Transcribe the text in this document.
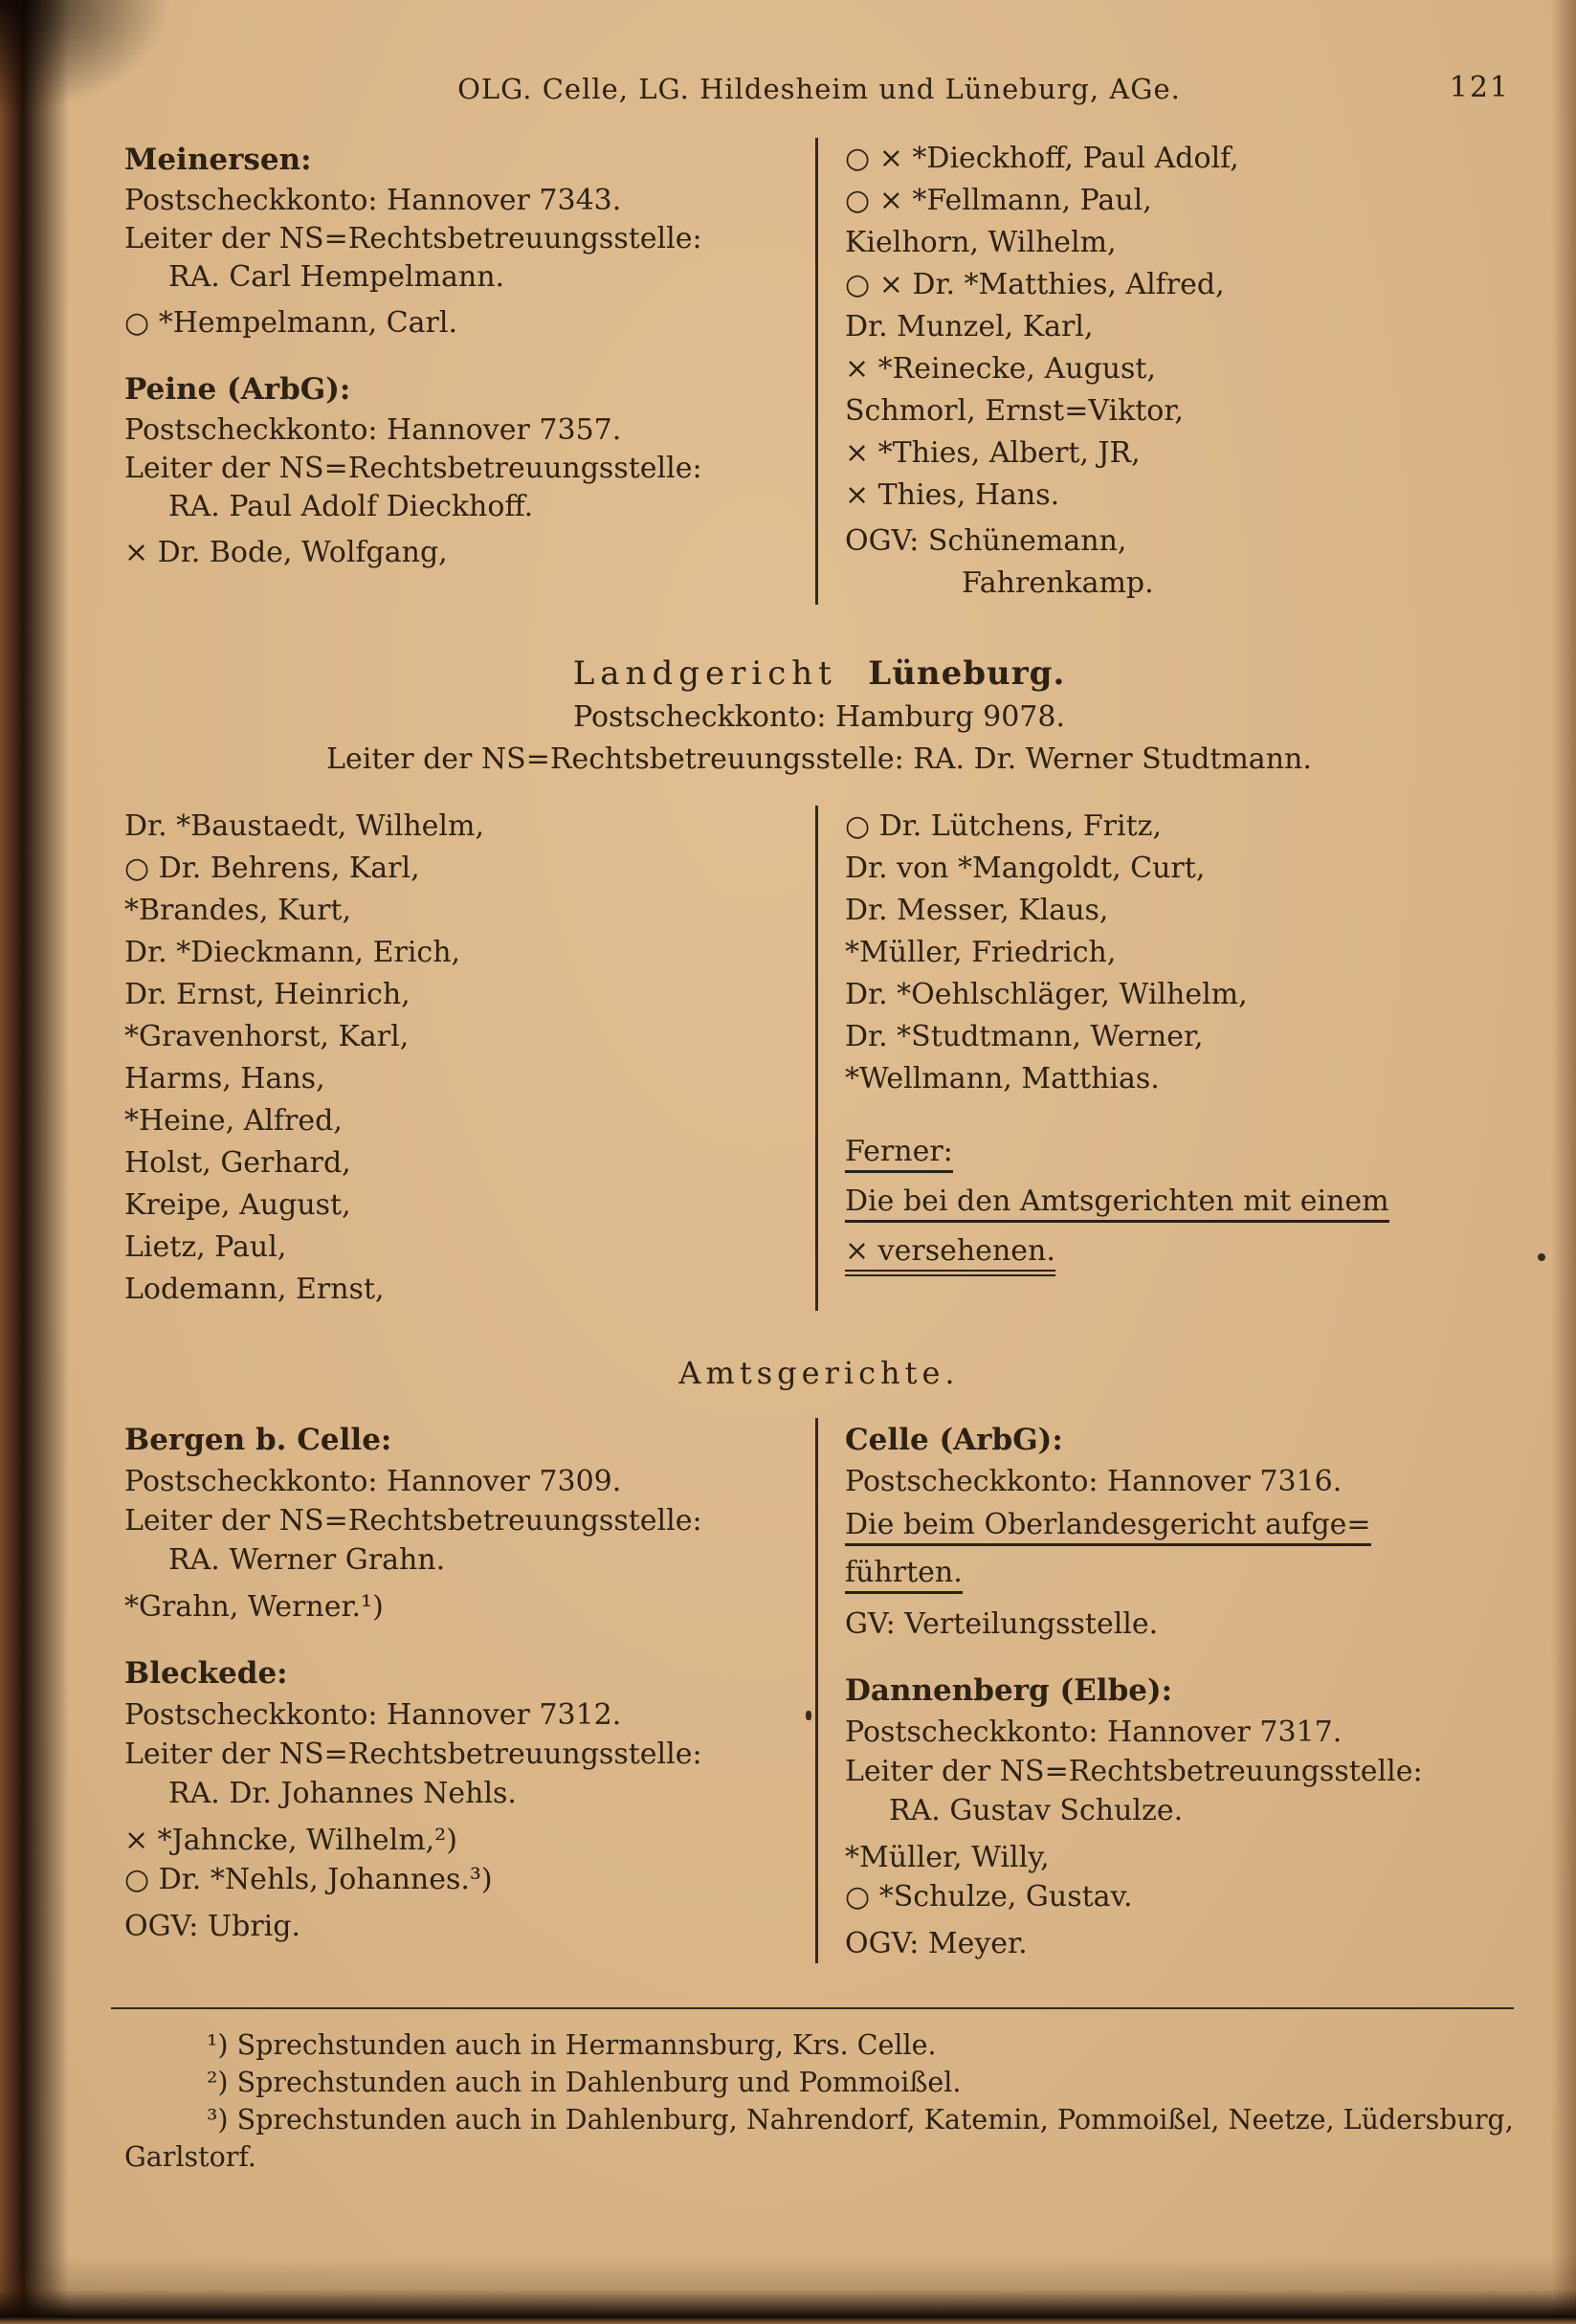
OLG. Celle, LG. Hildesheim und Lüneburg, AGe.	121
Meinersen:
Postscheckkonto: Hannover 7343.
Leiter der NS=Rechtsbetreuungsstelle:
RA. Carl Hempelmann.
○ *Hempelmann, Carl.
Peine (ArbG):
Postscheckkonto: Hannover 7357.
Leiter der NS=Rechtsbetreuungsstelle:
RA. Paul Adolf Dieckhoff.
× Dr. Bode, Wolfgang,
○ × *Dieckhoff, Paul Adolf,
○ × *Fellmann, Paul,
Kielhorn, Wilhelm,
○ × Dr. *Matthies, Alfred,
Dr. Munzel, Karl,
× *Reinecke, August,
Schmorl, Ernst=Viktor,
× *Thies, Albert, JR,
× Thies, Hans.
OGV: Schünemann,
Fahrenkamp.
Landgericht Lüneburg.
Postscheckkonto: Hamburg 9078.
Leiter der NS=Rechtsbetreuungsstelle: RA. Dr. Werner Studtmann.
Dr. *Baustaedt, Wilhelm,
○ Dr. Behrens, Karl,
*Brandes, Kurt,
Dr. *Dieckmann, Erich,
Dr. Ernst, Heinrich,
*Gravenhorst, Karl,
Harms, Hans,
*Heine, Alfred,
Holst, Gerhard,
Kreipe, August,
Lietz, Paul,
Lodemann, Ernst,
○ Dr. Lütchens, Fritz,
Dr. von *Mangoldt, Curt,
Dr. Messer, Klaus,
*Müller, Friedrich,
Dr. *Oehlschläger, Wilhelm,
Dr. *Studtmann, Werner,
*Wellmann, Matthias.
Ferner:
Die bei den Amtsgerichten mit einem
× versehenen.
Amtsgerichte.
Bergen b. Celle:
Postscheckkonto: Hannover 7309.
Leiter der NS=Rechtsbetreuungsstelle:
RA. Werner Grahn.
*Grahn, Werner.¹)
Bleckede:
Postscheckkonto: Hannover 7312.
Leiter der NS=Rechtsbetreuungsstelle:
RA. Dr. Johannes Nehls.
× *Jahncke, Wilhelm,²)
○ Dr. *Nehls, Johannes.³)
OGV: Ubrig.
Celle (ArbG):
Postscheckkonto: Hannover 7316.
Die beim Oberlandesgericht aufge=
führten.
GV: Verteilungsstelle.
Dannenberg (Elbe):
Postscheckkonto: Hannover 7317.
Leiter der NS=Rechtsbetreuungsstelle:
RA. Gustav Schulze.
*Müller, Willy,
○ *Schulze, Gustav.
OGV: Meyer.

¹) Sprechstunden auch in Hermannsburg, Krs. Celle.

²) Sprechstunden auch in Dahlenburg und Pommoißel.

³) Sprechstunden auch in Dahlenburg, Nahrendorf, Katemin, Pommoißel, Neetze, Lüdersburg, Garlstorf.
